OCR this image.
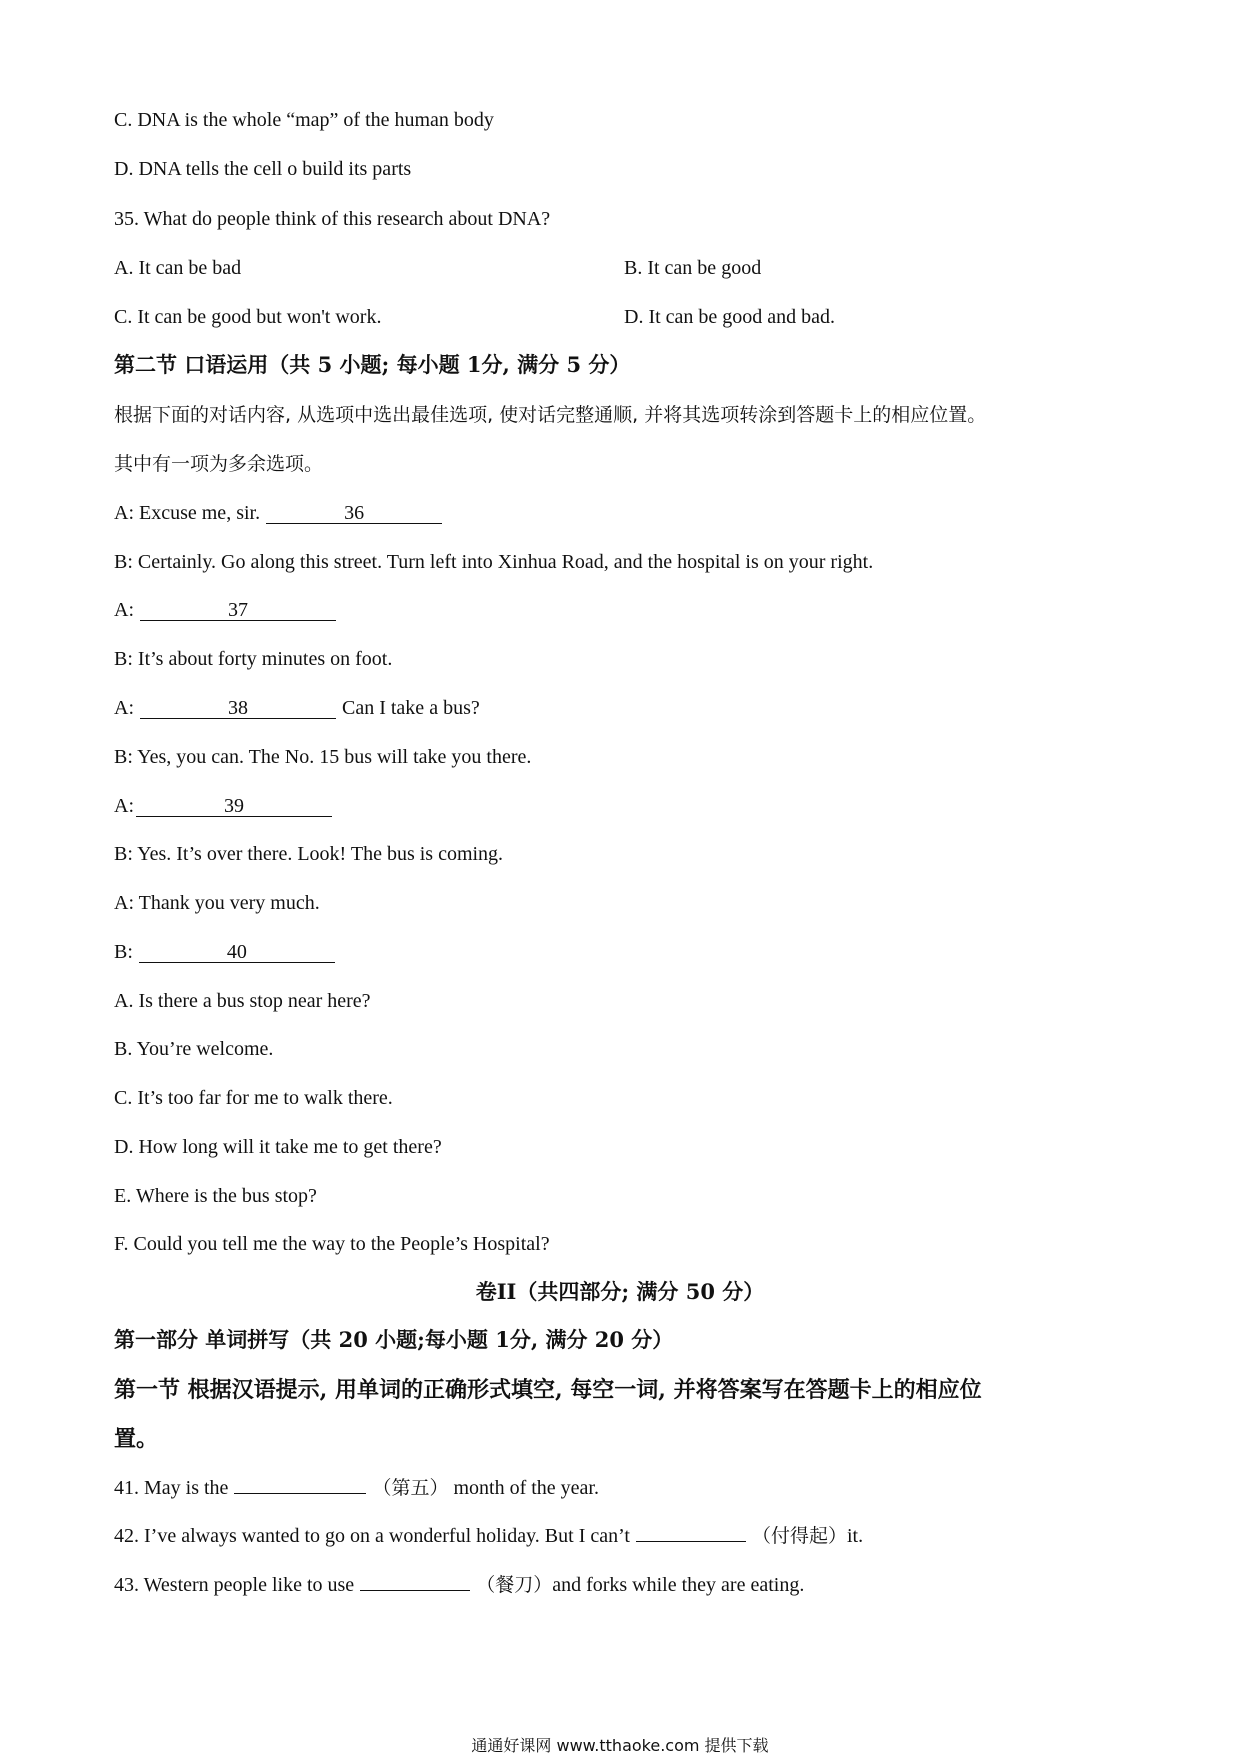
C. DNA is the whole “map” of the human body
D. DNA tells the cell o build its parts
35. What do people think of this research about DNA?
A. It can be bad	B. It can be good
C. It can be good but won't work.	D. It can be good and bad.
第二节 口语运用（共 5 小题; 每小题 1分, 满分 5 分）
根据下面的对话内容, 从选项中选出最佳选项, 使对话完整通顺, 并将其选项转涂到答题卡上的相应位置。
其中有一项为多余选项。
A: Excuse me, sir.	36
B: Certainly. Go along this street. Turn left into Xinhua Road, and the hospital is on your right.
A:	37
B: It’s about forty minutes on foot.
A:	38	Can I take a bus?
B: Yes, you can. The No. 15 bus will take you there.
A:	39
B: Yes. It’s over there. Look! The bus is coming.
A: Thank you very much.
B:	40
A. Is there a bus stop near here?
B. You’re welcome.
C. It’s too far for me to walk there.
D. How long will it take me to get there?
E. Where is the bus stop?
F. Could you tell me the way to the People’s Hospital?
卷II（共四部分; 满分 50 分）
第一部分 单词拼写（共 20 小题;每小题 1分, 满分 20 分）
第一节 根据汉语提示, 用单词的正确形式填空, 每空一词, 并将答案写在答题卡上的相应位
置。
41. May is the	（第五） month of the year.
42. I’ve always wanted to go on a wonderful holiday. But I can’t	（付得起）it.
43. Western people like to use	（餐刀）and forks while they are eating.
通通好课网 www.tthaoke.com 提供下载
